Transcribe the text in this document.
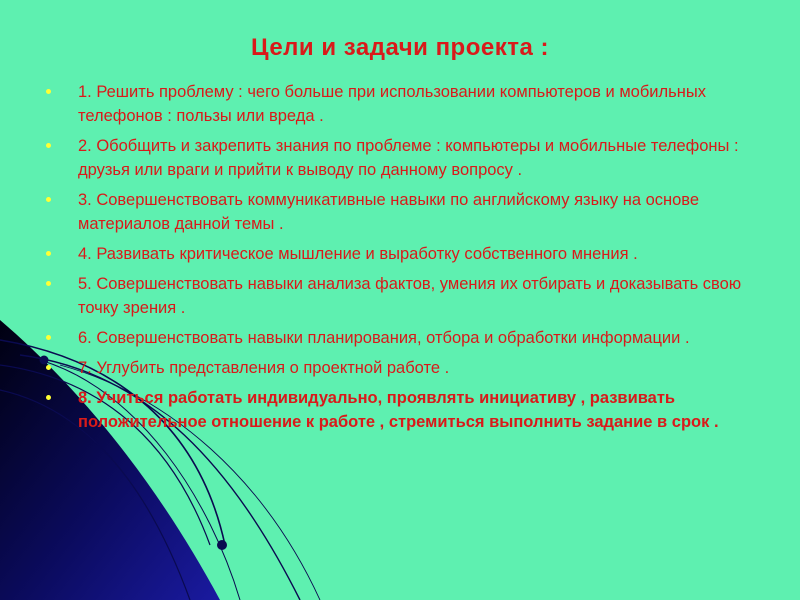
Цели и задачи проекта :
1. Решить проблему : чего больше при использовании компьютеров и мобильных телефонов : пользы или вреда .
2. Обобщить и закрепить знания по проблеме : компьютеры и мобильные телефоны : друзья или враги и прийти к выводу по данному вопросу .
3. Совершенствовать коммуникативные навыки по английскому языку на основе материалов данной темы .
4. Развивать критическое мышление и выработку собственного мнения .
5. Совершенствовать навыки анализа фактов, умения их отбирать и доказывать свою точку зрения .
6. Совершенствовать навыки планирования, отбора и обработки информации .
7. Углубить представления о проектной работе .
8. Учиться работать индивидуально, проявлять инициативу , развивать положительное отношение к работе , стремиться выполнить задание в срок .
